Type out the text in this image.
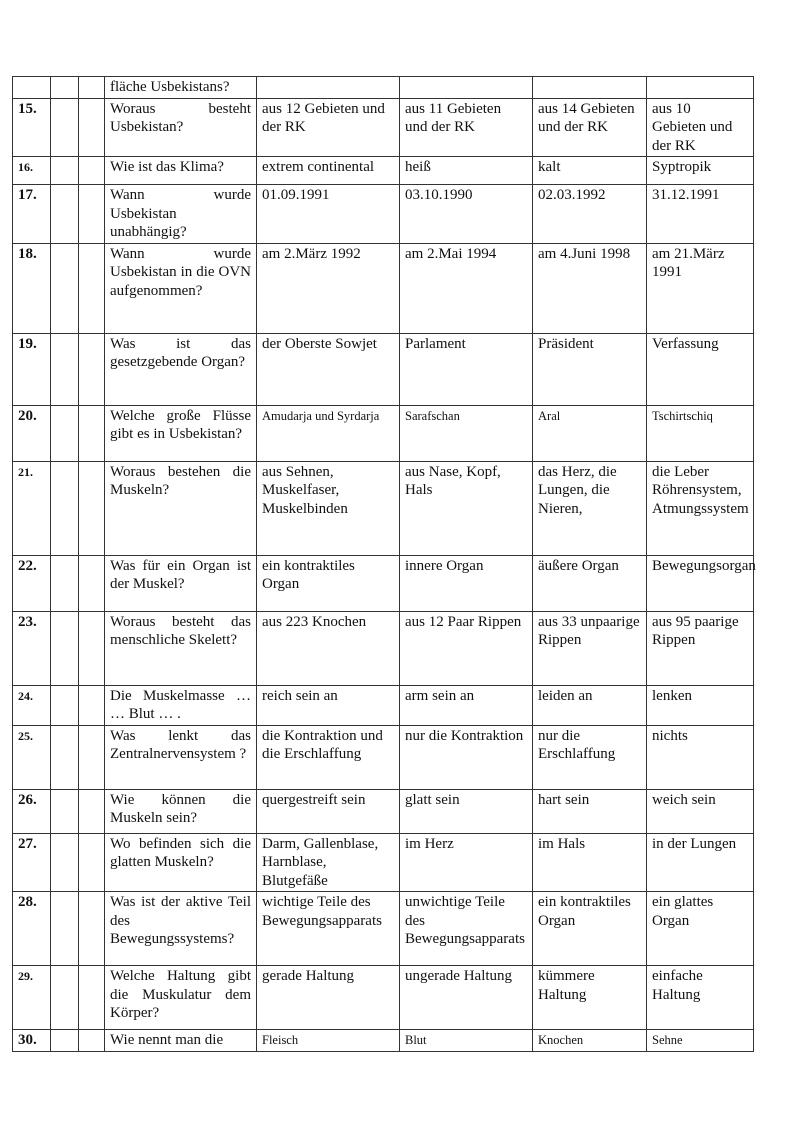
			fläche Usbekistans?				
15.			Woraus besteht Usbekistan?	aus 12 Gebieten und der RK	aus 11 Gebieten und der RK	aus 14 Gebieten und der RK	aus 10 Gebieten und der RK
16.			Wie ist das Klima?	extrem continental	heiß	kalt	Syptropik
17.			Wann wurde Usbekistan unabhängig?	01.09.1991	03.10.1990	02.03.1992	31.12.1991
18.			Wann wurde Usbekistan in die OVN aufgenommen?	am 2.März 1992	am 2.Mai 1994	am 4.Juni 1998	am 21.März 1991
19.			Was ist das gesetzgebende Organ?	der Oberste Sowjet	Parlament	Präsident	Verfassung
20.			Welche große Flüsse gibt es in Usbekistan?	Amudarja und Syrdarja	Sarafschan	Aral	Tschirtschiq
21.			Woraus bestehen die Muskeln?	aus Sehnen, Muskelfaser, Muskelbinden	aus Nase, Kopf, Hals	das Herz, die Lungen, die Nieren,	die Leber Röhrensystem, Atmungssystem
22.			Was für ein Organ ist der Muskel?	ein kontraktiles Organ	innere Organ	äußere Organ	Bewegungsorgan
23.			Woraus besteht das menschliche Skelett?	aus 223 Knochen	aus 12 Paar Rippen	aus 33 unpaarige Rippen	aus 95 paarige Rippen
24.			Die Muskelmasse … … Blut … .	reich sein an	arm sein an	leiden an	lenken
25.			Was lenkt das Zentralnervensystem ?	die Kontraktion und die Erschlaffung	nur die Kontraktion	nur die Erschlaffung	nichts
26.			Wie können die Muskeln sein?	quergestreift sein	glatt sein	hart sein	weich sein
27.			Wo befinden sich die glatten Muskeln?	Darm, Gallenblase, Harnblase, Blutgefäße	im Herz	im Hals	in der Lungen
28.			Was ist der aktive Teil des Bewegungssystems?	wichtige Teile des Bewegungsapparats	unwichtige Teile des Bewegungsapparats	ein kontraktiles Organ	ein glattes Organ
29.			Welche Haltung gibt die Muskulatur dem Körper?	gerade Haltung	ungerade Haltung	kümmere Haltung	einfache Haltung
30.			Wie nennt man die	Fleisch	Blut	Knochen	Sehne
